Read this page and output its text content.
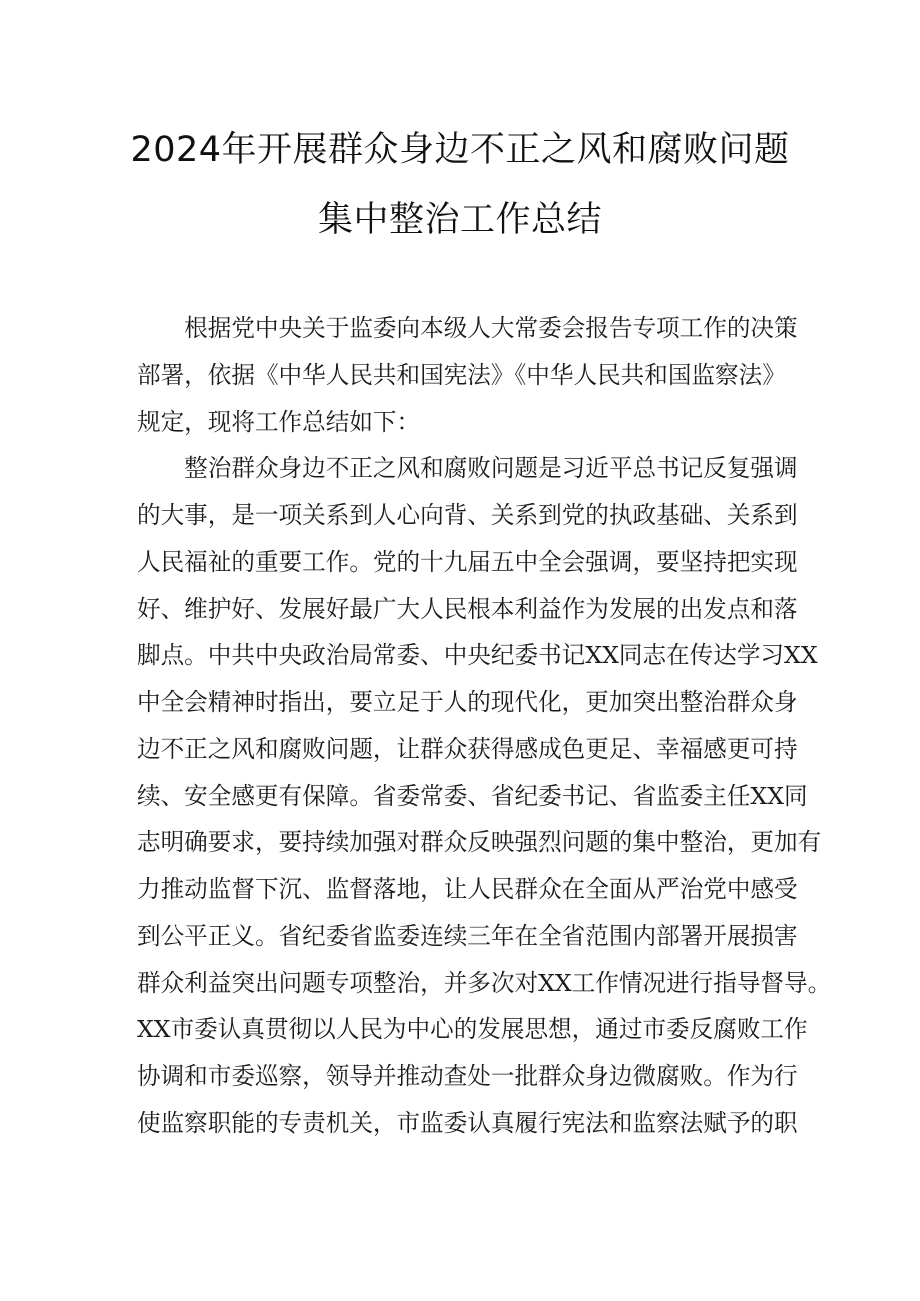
2024年开展群众身边不正之风和腐败问题
集中整治工作总结
　　根据党中央关于监委向本级人大常委会报告专项工作的决策
部署，依据《中华人民共和国宪法》《中华人民共和国监察法》
规定，现将工作总结如下：
　　整治群众身边不正之风和腐败问题是习近平总书记反复强调
的大事，是一项关系到人心向背、关系到党的执政基础、关系到
人民福祉的重要工作。党的十九届五中全会强调，要坚持把实现
好、维护好、发展好最广大人民根本利益作为发展的出发点和落
脚点。中共中央政治局常委、中央纪委书记XX同志在传达学习XX
中全会精神时指出，要立足于人的现代化，更加突出整治群众身
边不正之风和腐败问题，让群众获得感成色更足、幸福感更可持
续、安全感更有保障。省委常委、省纪委书记、省监委主任XX同
志明确要求，要持续加强对群众反映强烈问题的集中整治，更加有
力推动监督下沉、监督落地，让人民群众在全面从严治党中感受
到公平正义。省纪委省监委连续三年在全省范围内部署开展损害
群众利益突出问题专项整治，并多次对XX工作情况进行指导督导。
XX市委认真贯彻以人民为中心的发展思想，通过市委反腐败工作
协调和市委巡察，领导并推动查处一批群众身边微腐败。作为行
使监察职能的专责机关，市监委认真履行宪法和监察法赋予的职
